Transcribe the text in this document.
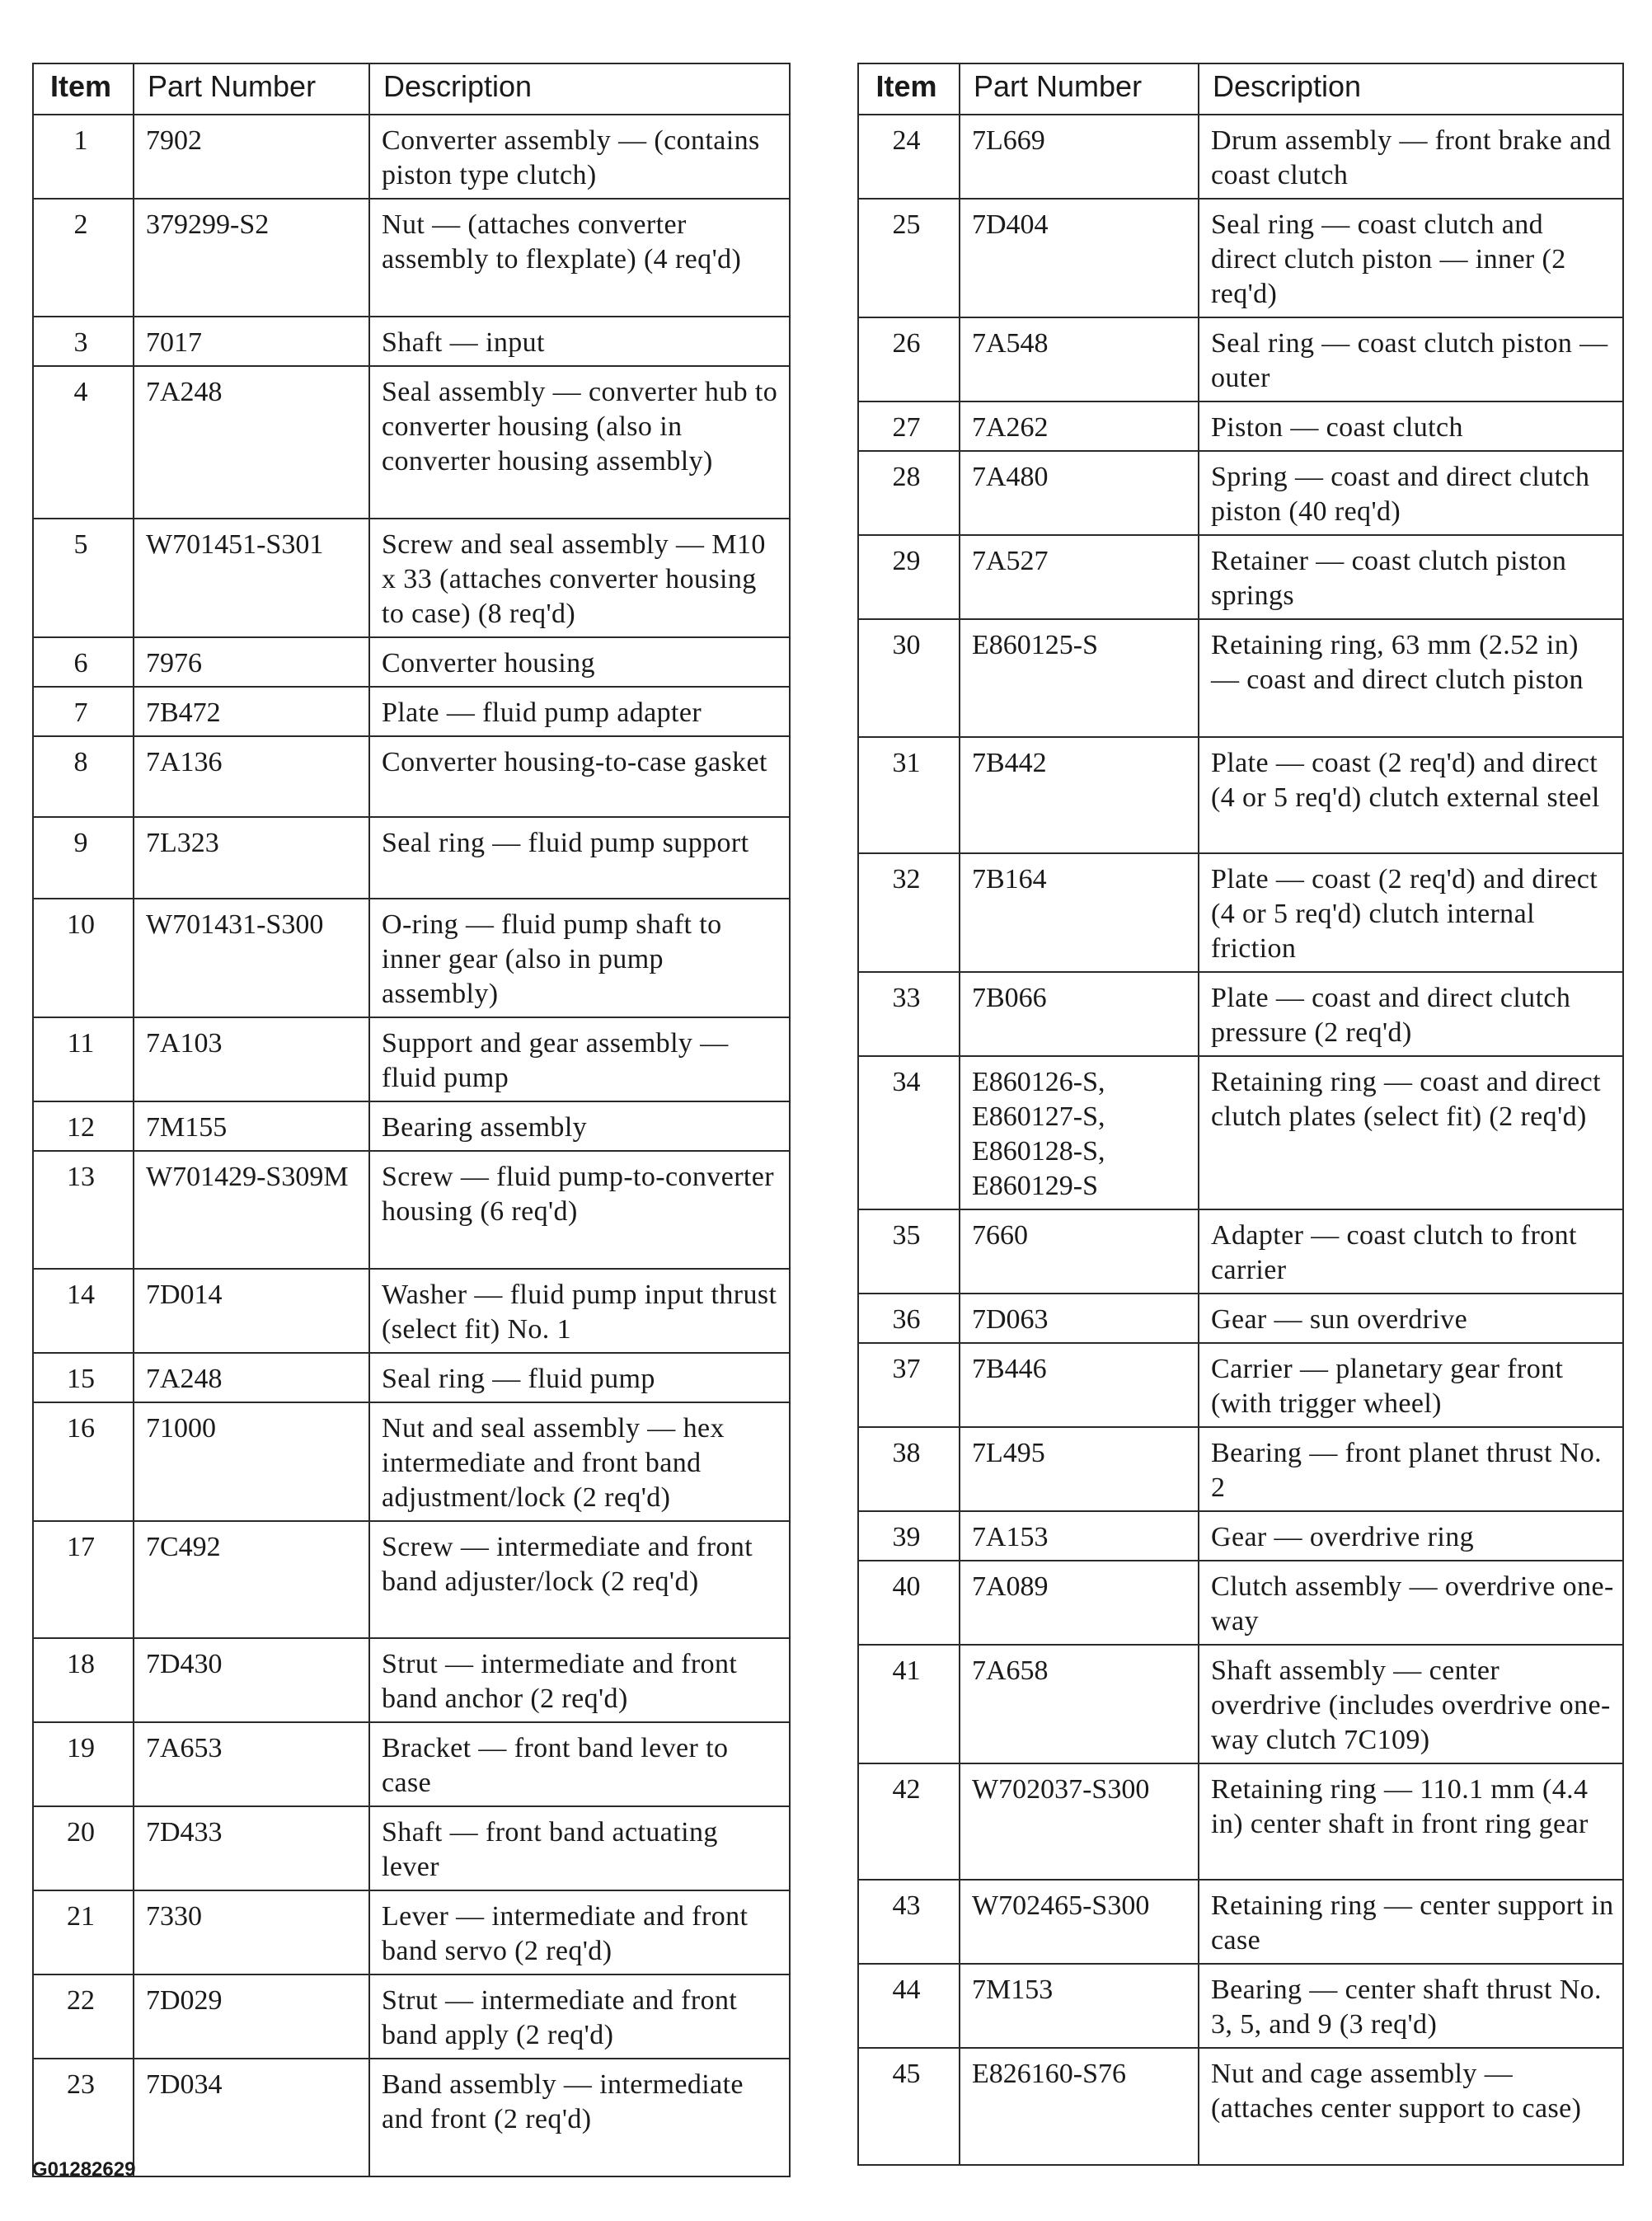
Item	Part Number	Description
1	7902	Converter assembly — (contains piston type clutch)
2	379299-S2	Nut — (attaches converter assembly to flexplate) (4 req'd)
3	7017	Shaft — input
4	7A248	Seal assembly — converter hub to converter housing (also in converter housing assembly)
5	W701451-S301	Screw and seal assembly — M10 x 33 (attaches converter housing to case) (8 req'd)
6	7976	Converter housing
7	7B472	Plate — fluid pump adapter
8	7A136	Converter housing-to-case gasket
9	7L323	Seal ring — fluid pump support
10	W701431-S300	O-ring — fluid pump shaft to inner gear (also in pump assembly)
11	7A103	Support and gear assembly — fluid pump
12	7M155	Bearing assembly
13	W701429-S309M	Screw — fluid pump-to-converter housing (6 req'd)
14	7D014	Washer — fluid pump input thrust (select fit) No. 1
15	7A248	Seal ring — fluid pump
16	71000	Nut and seal assembly — hex intermediate and front band adjustment/lock (2 req'd)
17	7C492	Screw — intermediate and front band adjuster/lock (2 req'd)
18	7D430	Strut — intermediate and front band anchor (2 req'd)
19	7A653	Bracket — front band lever to case
20	7D433	Shaft — front band actuating lever
21	7330	Lever — intermediate and front band servo (2 req'd)
22	7D029	Strut — intermediate and front band apply (2 req'd)
23	7D034	Band assembly — intermediate and front (2 req'd)
Item	Part Number	Description
24	7L669	Drum assembly — front brake and coast clutch
25	7D404	Seal ring — coast clutch and direct clutch piston — inner (2 req'd)
26	7A548	Seal ring — coast clutch piston — outer
27	7A262	Piston — coast clutch
28	7A480	Spring — coast and direct clutch piston (40 req'd)
29	7A527	Retainer — coast clutch piston springs
30	E860125-S	Retaining ring, 63 mm (2.52 in) — coast and direct clutch piston
31	7B442	Plate — coast (2 req'd) and direct (4 or 5 req'd) clutch external steel
32	7B164	Plate — coast (2 req'd) and direct (4 or 5 req'd) clutch internal friction
33	7B066	Plate — coast and direct clutch pressure (2 req'd)
34	E860126-S, E860127-S, E860128-S, E860129-S	Retaining ring — coast and direct clutch plates (select fit) (2 req'd)
35	7660	Adapter — coast clutch to front carrier
36	7D063	Gear — sun overdrive
37	7B446	Carrier — planetary gear front (with trigger wheel)
38	7L495	Bearing — front planet thrust No. 2
39	7A153	Gear — overdrive ring
40	7A089	Clutch assembly — overdrive one-way
41	7A658	Shaft assembly — center overdrive (includes overdrive one-way clutch 7C109)
42	W702037-S300	Retaining ring — 110.1 mm (4.4 in) center shaft in front ring gear
43	W702465-S300	Retaining ring — center support in case
44	7M153	Bearing — center shaft thrust No. 3, 5, and 9 (3 req'd)
45	E826160-S76	Nut and cage assembly — (attaches center support to case)
G01282629
